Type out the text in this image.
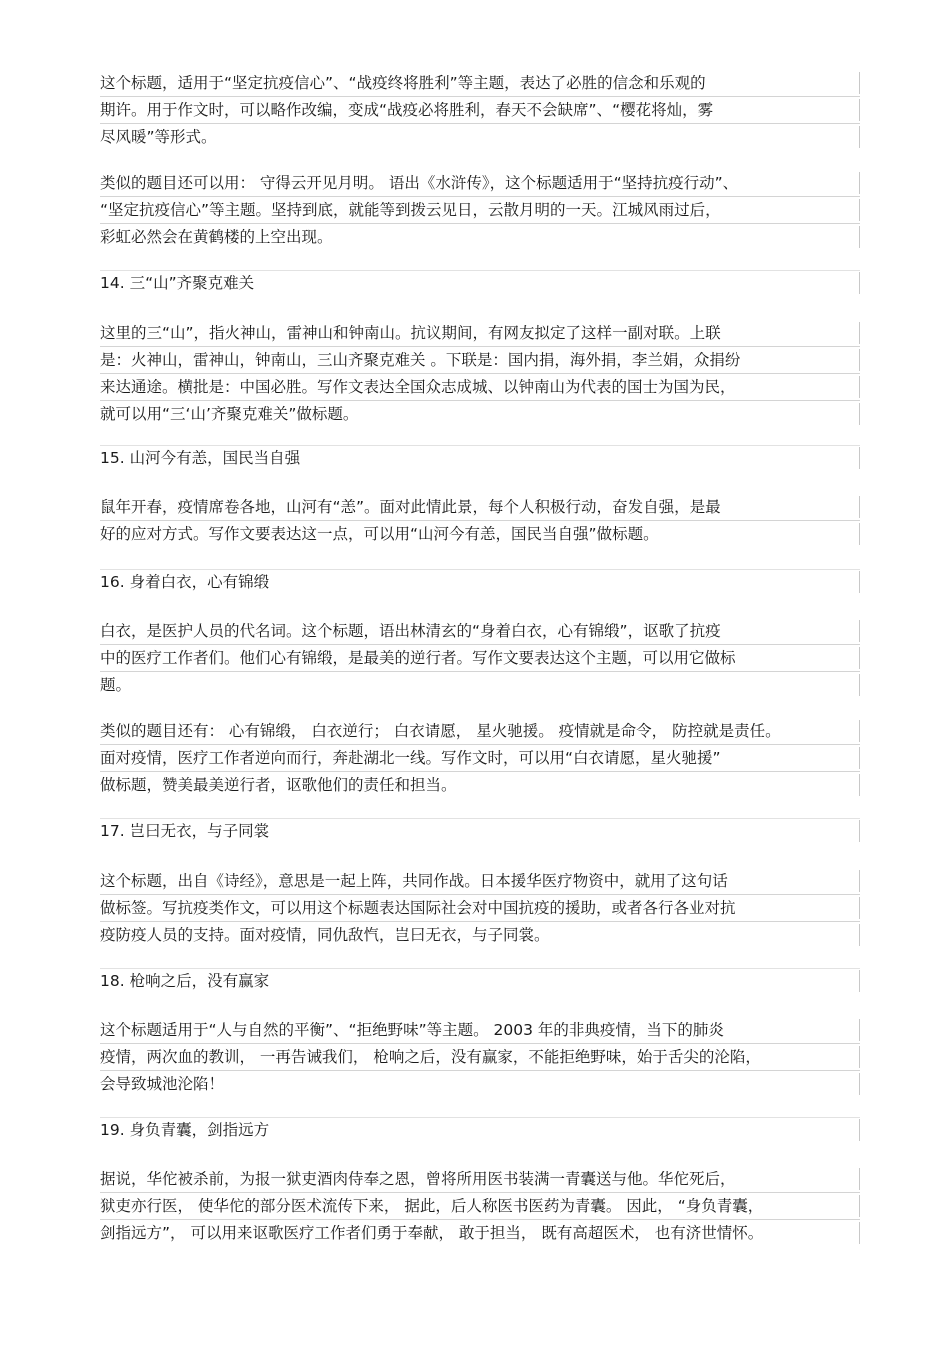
这个标题，适用于“坚定抗疫信心”、“战疫终将胜利”等主题，表达了必胜的信念和乐观的
期许。用于作文时，可以略作改编，变成“战疫必将胜利，春天不会缺席”、“樱花将灿，雾
尽风暖”等形式。
类似的题目还可以用： 守得云开见月明。 语出《水浒传》，这个标题适用于“坚持抗疫行动”、
“坚定抗疫信心”等主题。坚持到底，就能等到拨云见日，云散月明的一天。江城风雨过后，
彩虹必然会在黄鹤楼的上空出现。
14. 三“山”齐聚克难关
这里的三“山”，指火神山，雷神山和钟南山。抗议期间，有网友拟定了这样一副对联。上联
是：火神山，雷神山，钟南山，三山齐聚克难关 。下联是：国内捐，海外捐，李兰娟，众捐纷
来达通途。横批是：中国必胜。写作文表达全国众志成城、以钟南山为代表的国士为国为民，
就可以用“三‘山’齐聚克难关”做标题。
15. 山河今有恙，国民当自强
鼠年开春，疫情席卷各地，山河有“恙”。面对此情此景，每个人积极行动，奋发自强，是最
好的应对方式。写作文要表达这一点，可以用“山河今有恙，国民当自强”做标题。
16. 身着白衣，心有锦缎
白衣，是医护人员的代名词。这个标题，语出林清玄的“身着白衣，心有锦缎”，讴歌了抗疫
中的医疗工作者们。他们心有锦缎，是最美的逆行者。写作文要表达这个主题，可以用它做标
题。
类似的题目还有： 心有锦缎， 白衣逆行； 白衣请愿， 星火驰援。 疫情就是命令， 防控就是责任。
面对疫情，医疗工作者逆向而行，奔赴湖北一线。写作文时，可以用“白衣请愿，星火驰援”
做标题，赞美最美逆行者，讴歌他们的责任和担当。
17. 岂曰无衣，与子同裳
这个标题，出自《诗经》，意思是一起上阵，共同作战。日本援华医疗物资中，就用了这句话
做标签。写抗疫类作文，可以用这个标题表达国际社会对中国抗疫的援助，或者各行各业对抗
疫防疫人员的支持。面对疫情，同仇敌忾，岂曰无衣，与子同裳。
18. 枪响之后，没有赢家
这个标题适用于“人与自然的平衡”、“拒绝野味”等主题。 2003 年的非典疫情，当下的肺炎
疫情，两次血的教训， 一再告诫我们， 枪响之后，没有赢家，不能拒绝野味，始于舌尖的沦陷，
会导致城池沦陷！
19. 身负青囊，剑指远方
据说，华佗被杀前，为报一狱吏酒肉侍奉之恩，曾将所用医书装满一青囊送与他。华佗死后，
狱吏亦行医， 使华佗的部分医术流传下来， 据此，后人称医书医药为青囊。 因此， “身负青囊，
剑指远方”， 可以用来讴歌医疗工作者们勇于奉献， 敢于担当， 既有高超医术， 也有济世情怀。
